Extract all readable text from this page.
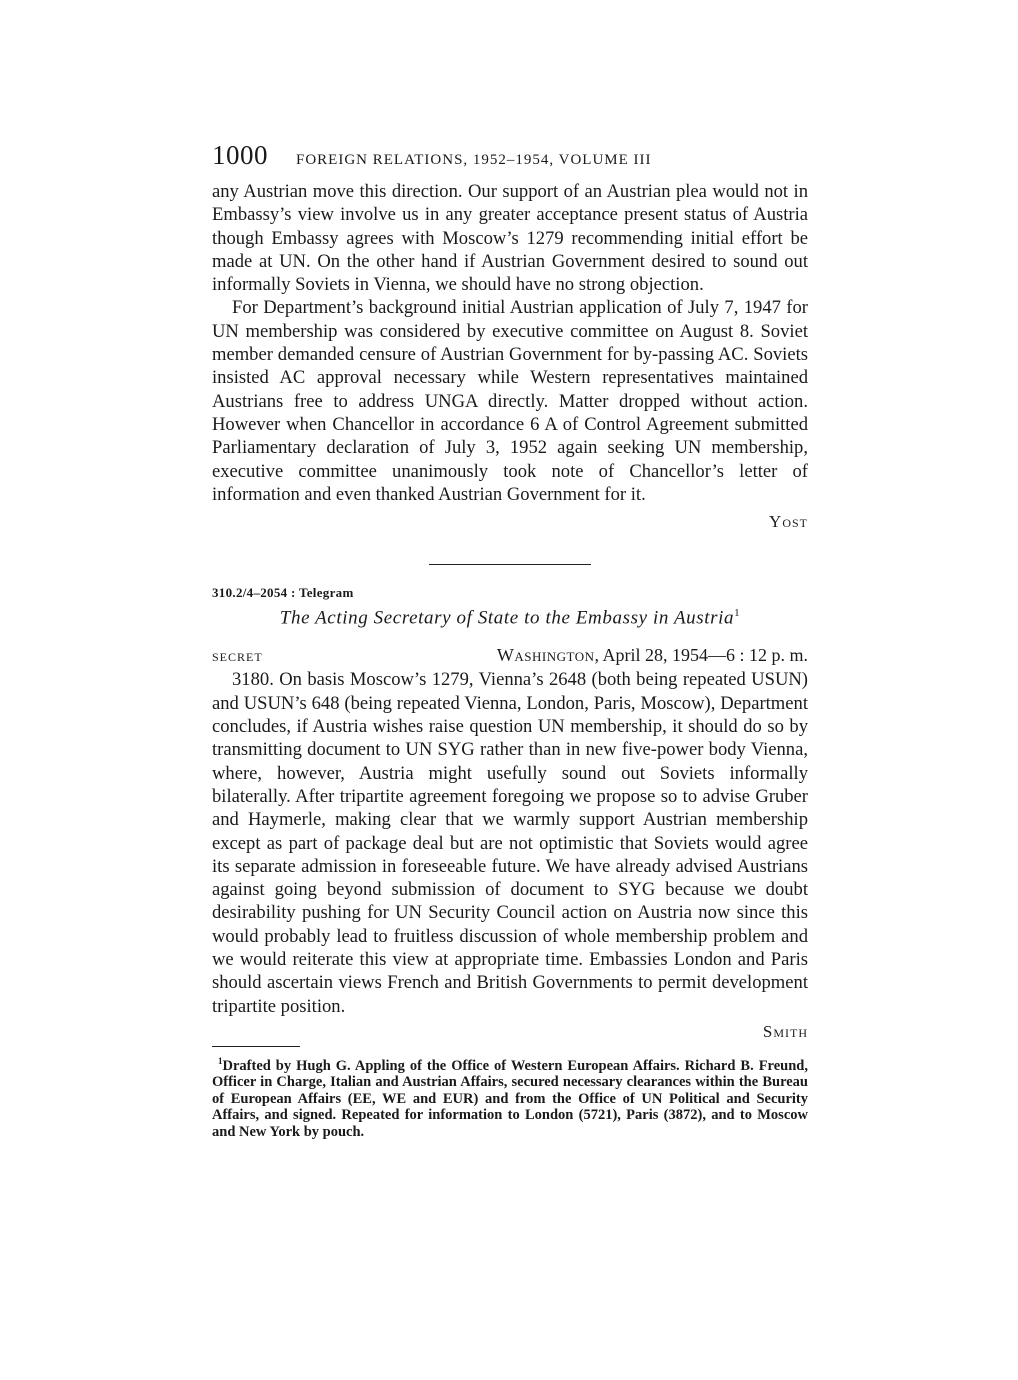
1000 FOREIGN RELATIONS, 1952–1954, VOLUME III

any Austrian move this direction. Our support of an Austrian plea would not in Embassy’s view involve us in any greater acceptance present status of Austria though Embassy agrees with Moscow’s 1279 recommending initial effort be made at UN. On the other hand if Austrian Government desired to sound out informally Soviets in Vienna, we should have no strong objection.

For Department’s background initial Austrian application of July 7, 1947 for UN membership was considered by executive committee on August 8. Soviet member demanded censure of Austrian Government for by-passing AC. Soviets insisted AC approval necessary while Western representatives maintained Austrians free to address UNGA directly. Matter dropped without action. However when Chancellor in accordance 6 A of Control Agreement submitted Parliamentary declaration of July 3, 1952 again seeking UN membership, executive committee unanimously took note of Chancellor’s letter of information and even thanked Austrian Government for it.

Yost
310.2/4–2054 : Telegram
The Acting Secretary of State to the Embassy in Austria$^1$
SECRET	Washington, April 28, 1954—6 : 12 p. m.

3180. On basis Moscow’s 1279, Vienna’s 2648 (both being repeated USUN) and USUN’s 648 (being repeated Vienna, London, Paris, Moscow), Department concludes, if Austria wishes raise question UN membership, it should do so by transmitting document to UN SYG rather than in new five-power body Vienna, where, however, Austria might usefully sound out Soviets informally bilaterally. After tripartite agreement foregoing we propose so to advise Gruber and Haymerle, making clear that we warmly support Austrian membership except as part of package deal but are not optimistic that Soviets would agree its separate admission in foreseeable future. We have already advised Austrians against going beyond submission of document to SYG because we doubt desirability pushing for UN Security Council action on Austria now since this would probably lead to fruitless discussion of whole membership problem and we would reiterate this view at appropriate time. Embassies London and Paris should ascertain views French and British Governments to permit development tripartite position.

Smith
$^1$Drafted by Hugh G. Appling of the Office of Western European Affairs. Richard B. Freund, Officer in Charge, Italian and Austrian Affairs, secured necessary clearances within the Bureau of European Affairs (EE, WE and EUR) and from the Office of UN Political and Security Affairs, and signed. Repeated for information to London (5721), Paris (3872), and to Moscow and New York by pouch.
